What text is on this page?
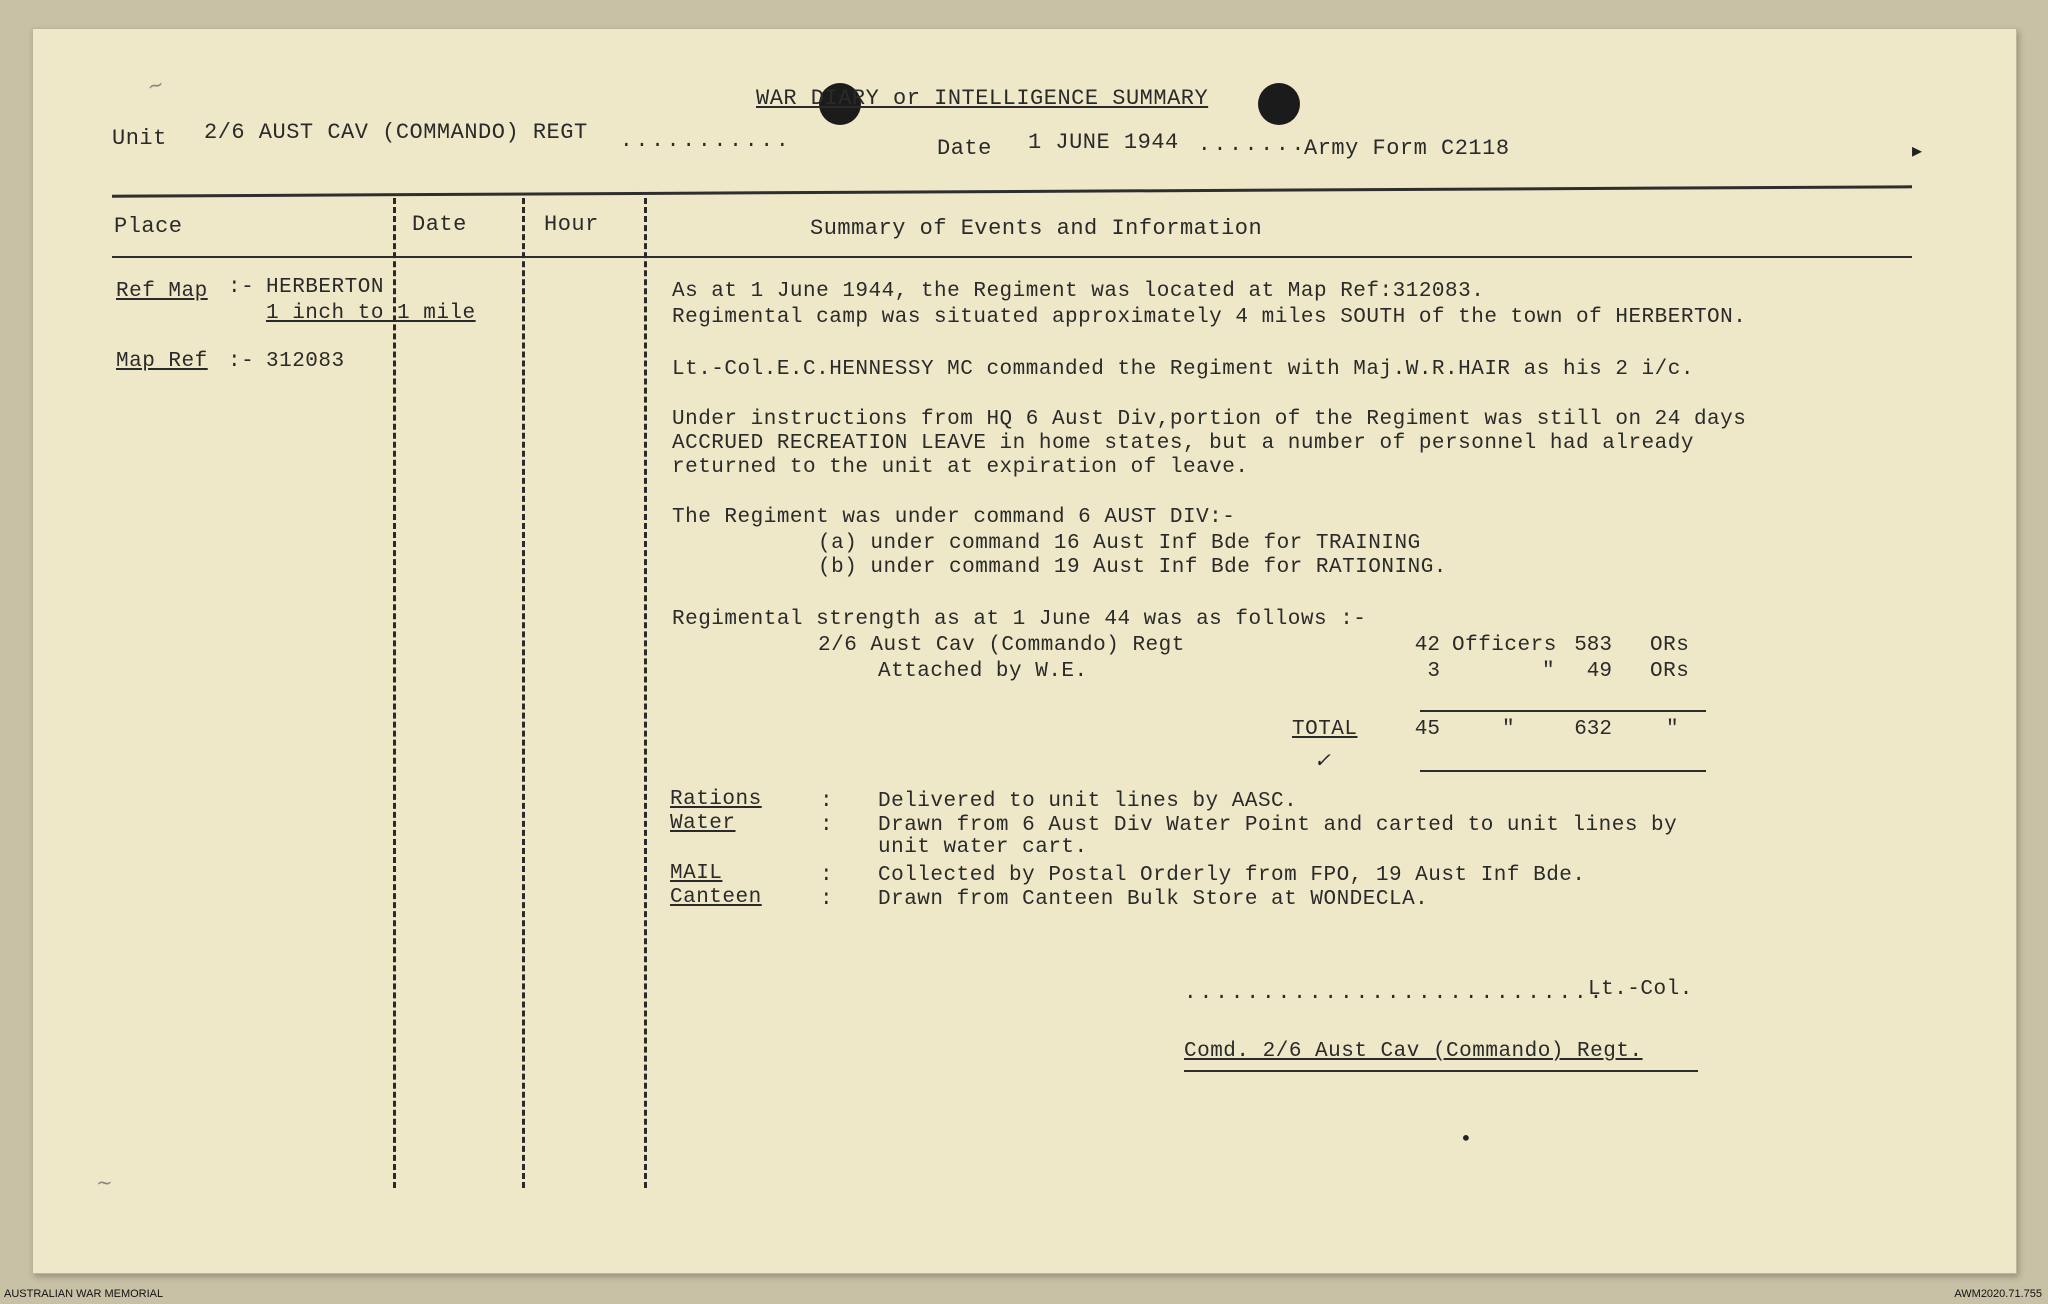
~
~
WAR DIARY or INTELLIGENCE SUMMARY
Unit 2/6 AUST CAV (COMMANDO) REGT ...........	Date 1 JUNE 1944 .......
Army Form C2118	▸
Place	Date	Hour	Summary of Events and Information
Ref Map :- HERBERTON
1 inch to 1 mile
Map Ref :- 312083
As at 1 June 1944, the Regiment was located at Map Ref:312083.
Regimental camp was situated approximately 4 miles SOUTH of the town of HERBERTON.
Lt.-Col.E.C.HENNESSY MC commanded the Regiment with Maj.W.R.HAIR as his 2 i/c.
Under instructions from HQ 6 Aust Div,portion of the Regiment was still on 24 days
ACCRUED RECREATION LEAVE in home states, but a number of personnel had already
returned to the unit at expiration of leave.
The Regiment was under command 6 AUST DIV:-
(a) under command 16 Aust Inf Bde for TRAINING
(b) under command 19 Aust Inf Bde for RATIONING.
Regimental strength as at 1 June 44 was as follows :-
2/6 Aust Cav (Commando) Regt	42 Officers 583 ORs
Attached by W.E.	3	"	49 ORs
TOTAL	45	"	632	"
✓
Rations	: Delivered to unit lines by AASC.
Water	: Drawn from 6 Aust Div Water Point and carted to unit lines by
unit water cart.
MAIL	: Collected by Postal Orderly from FPO, 19 Aust Inf Bde.
Canteen	: Drawn from Canteen Bulk Store at WONDECLA.
...........................
Lt.-Col.
Comd. 2/6 Aust Cav (Commando) Regt.
•
AUSTRALIAN WAR MEMORIAL	AWM2020.71.755
